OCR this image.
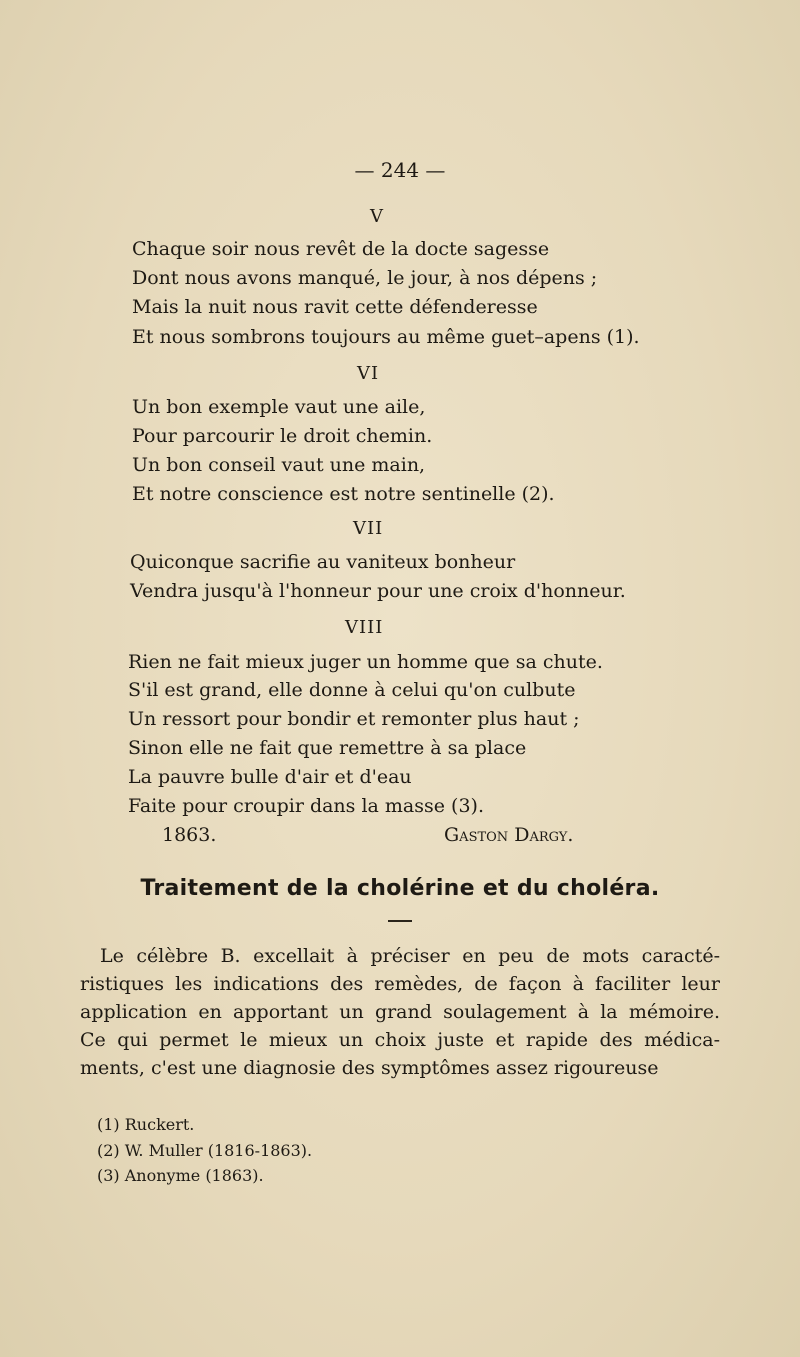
— 244 —
V
Chaque soir nous revêt de la docte sagesse
Dont nous avons manqué, le jour, à nos dépens ;
Mais la nuit nous ravit cette défenderesse
Et nous sombrons toujours au même guet–apens (1).
VI
Un bon exemple vaut une aile,
Pour parcourir le droit chemin.
Un bon conseil vaut une main,
Et notre conscience est notre sentinelle (2).
VII
Quiconque sacrifie au vaniteux bonheur
Vendra jusqu'à l'honneur pour une croix d'honneur.
VIII
Rien ne fait mieux juger un homme que sa chute.
S'il est grand, elle donne à celui qu'on culbute
Un ressort pour bondir et remonter plus haut ;
Sinon elle ne fait que remettre à sa place
La pauvre bulle d'air et d'eau
Faite pour croupir dans la masse (3).
1863.	Gaston Dargy.
Traitement de la cholérine et du choléra.
Le célèbre B. excellait à préciser en peu de mots caracté-
ristiques les indications des remèdes, de façon à faciliter leur
application en apportant un grand soulagement à la mémoire.
Ce qui permet le mieux un choix juste et rapide des médica-
ments, c'est une diagnosie des symptômes assez rigoureuse
(1) Ruckert.
(2) W. Muller (1816-1863).
(3) Anonyme (1863).
